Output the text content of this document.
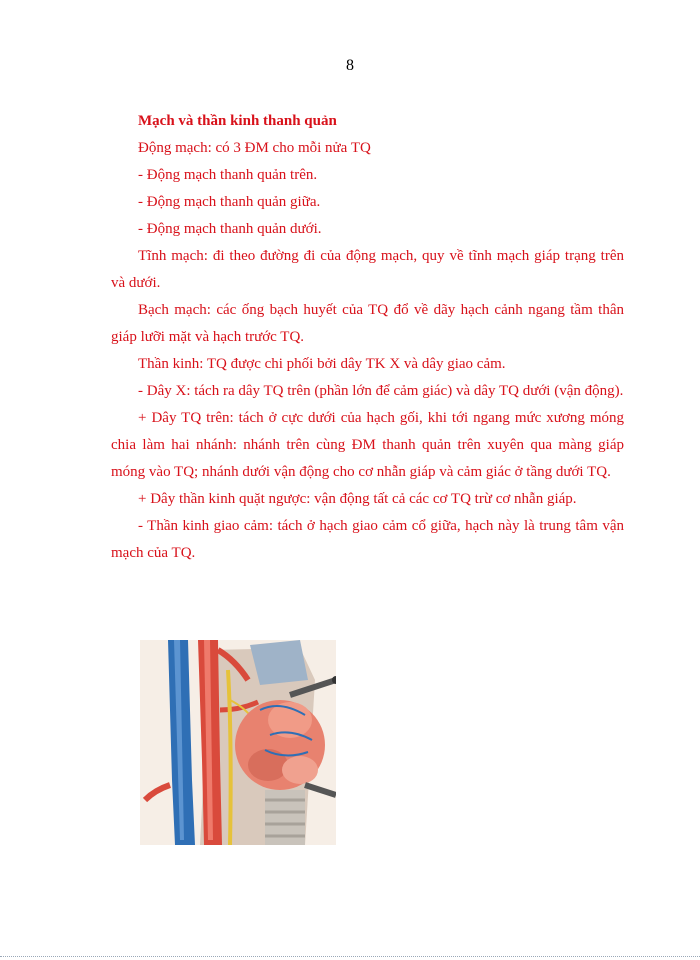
8

Mạch và thần kinh thanh quản

Động mạch: có 3 ĐM cho mỗi nửa TQ

- Động mạch thanh quản trên.

- Động mạch thanh quản giữa.

- Động mạch thanh quản dưới.

Tĩnh mạch: đi theo đường đi của động mạch, quy về tĩnh mạch giáp trạng trên và dưới.

Bạch mạch: các ống bạch huyết của TQ đổ về dãy hạch cảnh ngang tầm thân giáp lưỡi mặt và hạch trước TQ.

Thần kinh: TQ được chi phối bởi dây TK X và dây giao cảm.

- Dây X: tách ra dây TQ trên (phần lớn để cảm giác) và dây TQ dưới (vận động).

+ Dây TQ trên: tách ở cực dưới của hạch gối, khi tới ngang mức xương móng chia làm hai nhánh: nhánh trên cùng ĐM thanh quản trên xuyên qua màng giáp móng vào TQ; nhánh dưới vận động cho cơ nhẫn giáp và cảm giác ở tầng dưới TQ.

+ Dây thần kinh quặt ngược: vận động tất cả các cơ TQ trừ cơ nhẫn giáp.

- Thần kinh giao cảm: tách ở hạch giao cảm cổ giữa, hạch này là trung tâm vận mạch của TQ.
